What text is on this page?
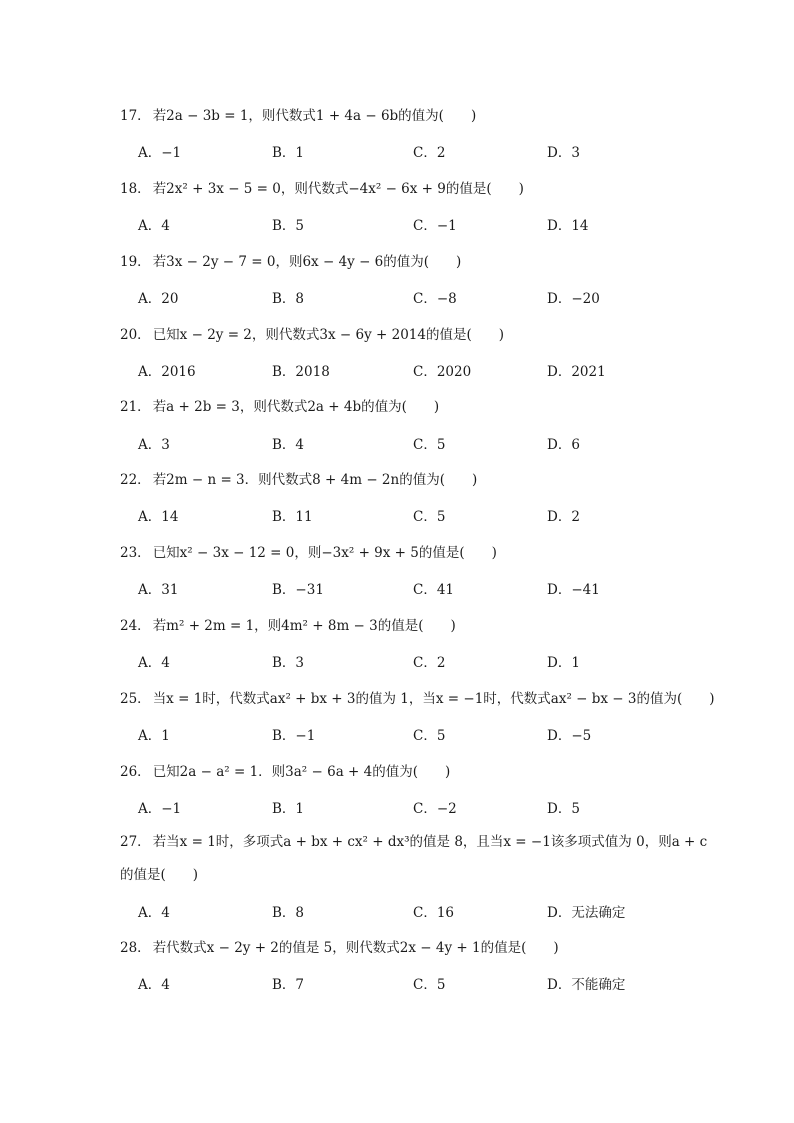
17． 若2a − 3b = 1，则代数式1 + 4a − 6b的值为(　　)
A．−1	B．1	C．2	D．3
18． 若2x² + 3x − 5 = 0，则代数式−4x² − 6x + 9的值是(　　)
A．4	B．5	C．−1	D．14
19． 若3x − 2y − 7 = 0，则6x − 4y − 6的值为(　　)
A．20	B．8	C．−8	D．−20
20． 已知x − 2y = 2，则代数式3x − 6y + 2014的值是(　　)
A．2016	B．2018	C．2020	D．2021
21． 若a + 2b = 3，则代数式2a + 4b的值为(　　)
A．3	B．4	C．5	D．6
22． 若2m − n = 3．则代数式8 + 4m − 2n的值为(　　)
A．14	B．11	C．5	D．2
23． 已知x² − 3x − 12 = 0，则−3x² + 9x + 5的值是(　　)
A．31	B．−31	C．41	D．−41
24． 若m² + 2m = 1，则4m² + 8m − 3的值是(　　)
A．4	B．3	C．2	D．1
25． 当x = 1时，代数式ax² + bx + 3的值为 1，当x = −1时，代数式ax² − bx − 3的值为(　　)
A．1	B．−1	C．5	D．−5
26． 已知2a − a² = 1．则3a² − 6a + 4的值为(　　)
A．−1	B．1	C．−2	D．5
27． 若当x = 1时，多项式a + bx + cx² + dx³的值是 8，且当x = −1该多项式值为 0，则a + c
的值是(　　)
A．4	B．8	C．16	D．无法确定
28． 若代数式x − 2y + 2的值是 5，则代数式2x − 4y + 1的值是(　　)
A．4	B．7	C．5	D．不能确定
